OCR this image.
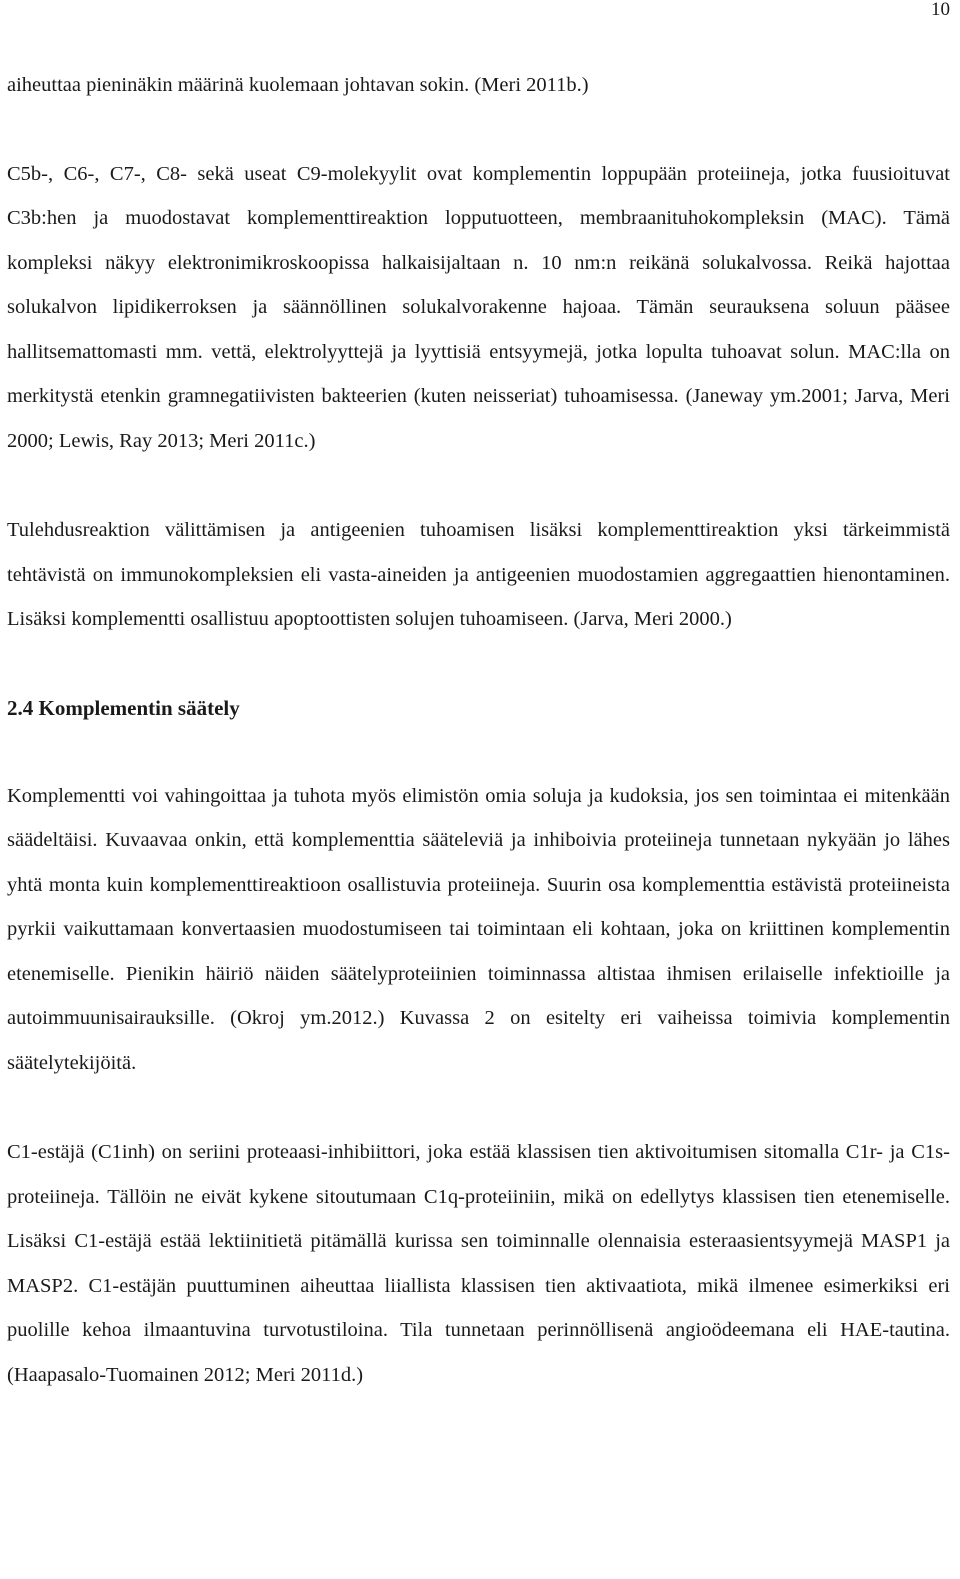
10

aiheuttaa pieninäkin määrinä kuolemaan johtavan sokin. (Meri 2011b.)

C5b-, C6-, C7-, C8- sekä useat C9-molekyylit ovat komplementin loppupään proteiineja, jotka fuusioituvat C3b:hen ja muodostavat komplementtireaktion lopputuotteen, membraanituhokompleksin (MAC). Tämä kompleksi näkyy elektronimikroskoopissa halkaisijaltaan n. 10 nm:n reikänä solukalvossa. Reikä hajottaa solukalvon lipidikerroksen ja säännöllinen solukalvorakenne hajoaa. Tämän seurauksena soluun pääsee hallitsemattomasti mm. vettä, elektrolyyttejä ja lyyttisiä entsyymejä, jotka lopulta tuhoavat solun. MAC:lla on merkitystä etenkin gramnegatiivisten bakteerien (kuten neisseriat) tuhoamisessa. (Janeway ym.2001; Jarva, Meri 2000; Lewis, Ray 2013; Meri 2011c.)

Tulehdusreaktion välittämisen ja antigeenien tuhoamisen lisäksi komplementtireaktion yksi tärkeimmistä tehtävistä on immunokompleksien eli vasta-aineiden ja antigeenien muodostamien aggregaattien hienontaminen. Lisäksi komplementti osallistuu apoptoottisten solujen tuhoamiseen. (Jarva, Meri 2000.)

2.4 Komplementin säätely

Komplementti voi vahingoittaa ja tuhota myös elimistön omia soluja ja kudoksia, jos sen toimintaa ei mitenkään säädeltäisi. Kuvaavaa onkin, että komplementtia sääteleviä ja inhiboivia proteiineja tunnetaan nykyään jo lähes yhtä monta kuin komplementtireaktioon osallistuvia proteiineja. Suurin osa komplementtia estävistä proteiineista pyrkii vaikuttamaan konvertaasien muodostumiseen tai toimintaan eli kohtaan, joka on kriittinen komplementin etenemiselle. Pienikin häiriö näiden säätelyproteiinien toiminnassa altistaa ihmisen erilaiselle infektioille ja autoimmuunisairauksille. (Okroj ym.2012.) Kuvassa 2 on esitelty eri vaiheissa toimivia komplementin säätelytekijöitä.

C1-estäjä (C1inh) on seriini proteaasi-inhibiittori, joka estää klassisen tien aktivoitumisen sitomalla C1r- ja C1s-proteiineja. Tällöin ne eivät kykene sitoutumaan C1q-proteiiniin, mikä on edellytys klassisen tien etenemiselle. Lisäksi C1-estäjä estää lektiinitietä pitämällä kurissa sen toiminnalle olennaisia esteraasientsyymejä MASP1 ja MASP2. C1-estäjän puuttuminen aiheuttaa liiallista klassisen tien aktivaatiota, mikä ilmenee esimerkiksi eri puolille kehoa ilmaantuvina turvotustiloina. Tila tunnetaan perinnöllisenä angioödeemana eli HAE-tautina. (Haapasalo-Tuomainen 2012; Meri 2011d.)
